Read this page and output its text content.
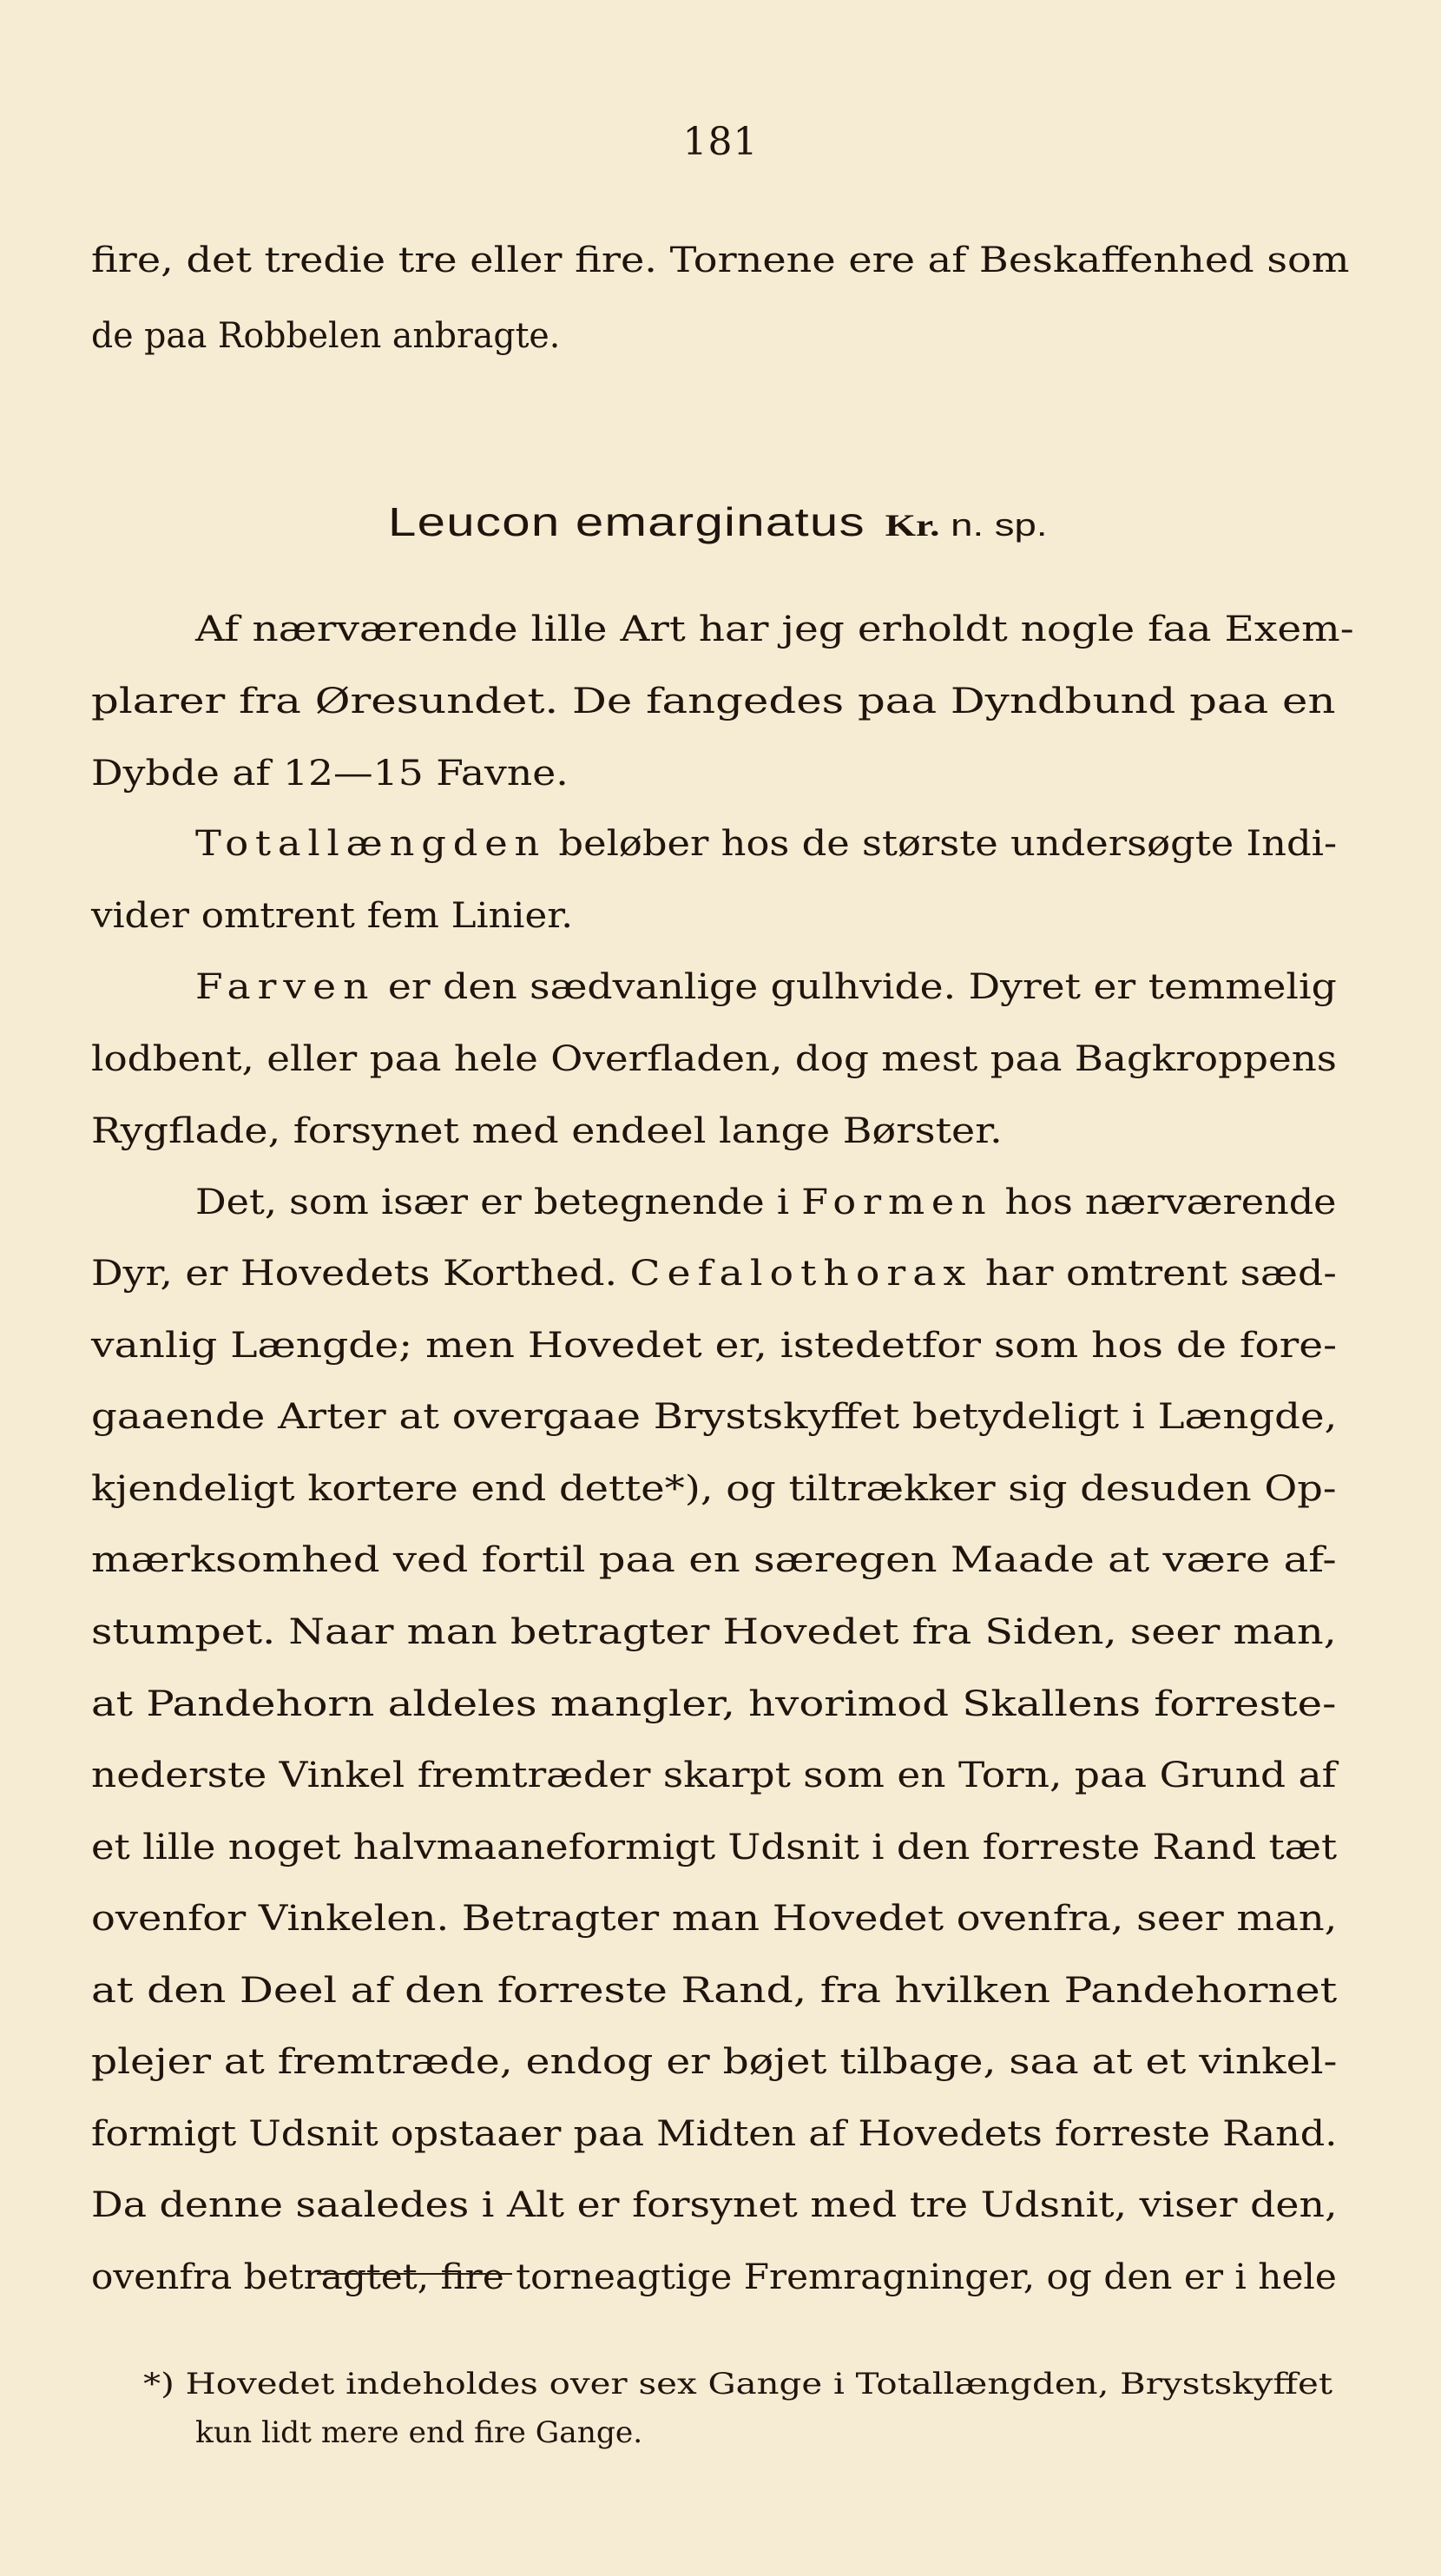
181
fire, det tredie tre eller fire. Tornene ere af Beskaffenhed som
de paa Robbelen anbragte.
Leucon emarginatus Kr. n. sp.
Af nærværende lille Art har jeg erholdt nogle faa Exem-
plarer fra Øresundet. De fangedes paa Dyndbund paa en
Dybde af 12—15 Favne.
Totallængden beløber hos de største undersøgte Indi-
vider omtrent fem Linier.
Farven er den sædvanlige gulhvide. Dyret er temmelig
lodbent, eller paa hele Overfladen, dog mest paa Bagkroppens
Rygflade, forsynet med endeel lange Børster.
Det, som især er betegnende i Formen hos nærværende
Dyr, er Hovedets Korthed. Cefalothorax har omtrent sæd-
vanlig Længde; men Hovedet er, istedetfor som hos de fore-
gaaende Arter at overgaae Brystskyffet betydeligt i Længde,
kjendeligt kortere end dette*), og tiltrækker sig desuden Op-
mærksomhed ved fortil paa en særegen Maade at være af-
stumpet. Naar man betragter Hovedet fra Siden, seer man,
at Pandehorn aldeles mangler, hvorimod Skallens forreste-
nederste Vinkel fremtræder skarpt som en Torn, paa Grund af
et lille noget halvmaaneformigt Udsnit i den forreste Rand tæt
ovenfor Vinkelen. Betragter man Hovedet ovenfra, seer man,
at den Deel af den forreste Rand, fra hvilken Pandehornet
plejer at fremtræde, endog er bøjet tilbage, saa at et vinkel-
formigt Udsnit opstaaer paa Midten af Hovedets forreste Rand.
Da denne saaledes i Alt er forsynet med tre Udsnit, viser den,
ovenfra betragtet, fire torneagtige Fremragninger, og den er i hele
*) Hovedet indeholdes over sex Gange i Totallængden, Brystskyffet
kun lidt mere end fire Gange.
